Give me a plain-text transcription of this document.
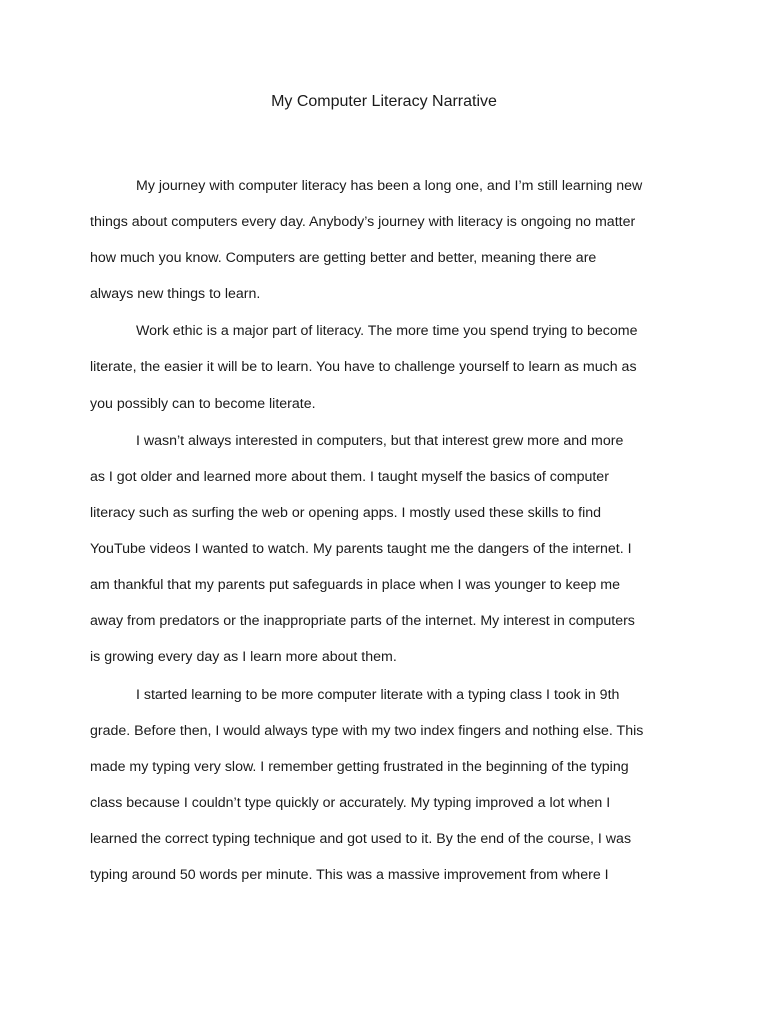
My Computer Literacy Narrative

My journey with computer literacy has been a long one, and I’m still learning new

things about computers every day. Anybody’s journey with literacy is ongoing no matter

how much you know. Computers are getting better and better, meaning there are

always new things to learn.

Work ethic is a major part of literacy. The more time you spend trying to become

literate, the easier it will be to learn. You have to challenge yourself to learn as much as

you possibly can to become literate.

I wasn’t always interested in computers, but that interest grew more and more

as I got older and learned more about them. I taught myself the basics of computer

literacy such as surfing the web or opening apps. I mostly used these skills to find

YouTube videos I wanted to watch. My parents taught me the dangers of the internet. I

am thankful that my parents put safeguards in place when I was younger to keep me

away from predators or the inappropriate parts of the internet. My interest in computers

is growing every day as I learn more about them.

I started learning to be more computer literate with a typing class I took in 9th

grade. Before then, I would always type with my two index fingers and nothing else. This

made my typing very slow. I remember getting frustrated in the beginning of the typing

class because I couldn’t type quickly or accurately. My typing improved a lot when I

learned the correct typing technique and got used to it. By the end of the course, I was

typing around 50 words per minute. This was a massive improvement from where I
